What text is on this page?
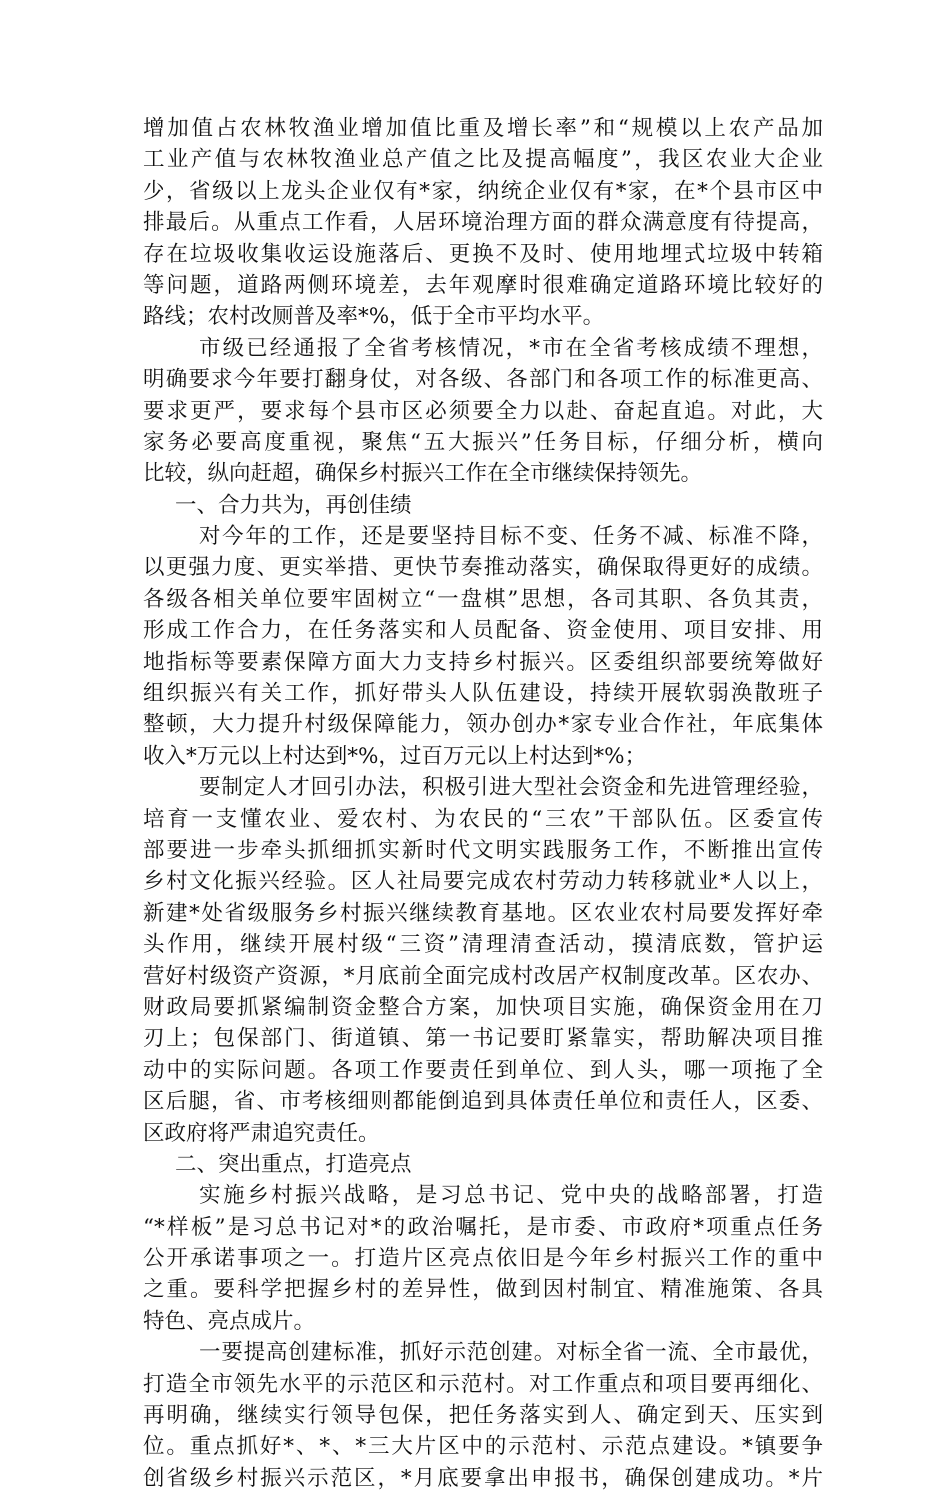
增加值占农林牧渔业增加值比重及增长率”和“规模以上农产品加
工业产值与农林牧渔业总产值之比及提高幅度”，我区农业大企业
少，省级以上龙头企业仅有*家，纳统企业仅有*家，在*个县市区中
排最后。从重点工作看，人居环境治理方面的群众满意度有待提高，
存在垃圾收集收运设施落后、更换不及时、使用地埋式垃圾中转箱
等问题，道路两侧环境差，去年观摩时很难确定道路环境比较好的
路线；农村改厕普及率*%，低于全市平均水平。
市级已经通报了全省考核情况，*市在全省考核成绩不理想，
明确要求今年要打翻身仗，对各级、各部门和各项工作的标准更高、
要求更严，要求每个县市区必须要全力以赴、奋起直追。对此，大
家务必要高度重视，聚焦“五大振兴”任务目标，仔细分析，横向
比较，纵向赶超，确保乡村振兴工作在全市继续保持领先。
一、合力共为，再创佳绩
对今年的工作，还是要坚持目标不变、任务不减、标准不降，
以更强力度、更实举措、更快节奏推动落实，确保取得更好的成绩。
各级各相关单位要牢固树立“一盘棋”思想，各司其职、各负其责，
形成工作合力，在任务落实和人员配备、资金使用、项目安排、用
地指标等要素保障方面大力支持乡村振兴。区委组织部要统筹做好
组织振兴有关工作，抓好带头人队伍建设，持续开展软弱涣散班子
整顿，大力提升村级保障能力，领办创办*家专业合作社，年底集体
收入*万元以上村达到*%，过百万元以上村达到*%；
要制定人才回引办法，积极引进大型社会资金和先进管理经验，
培育一支懂农业、爱农村、为农民的“三农”干部队伍。区委宣传
部要进一步牵头抓细抓实新时代文明实践服务工作，不断推出宣传
乡村文化振兴经验。区人社局要完成农村劳动力转移就业*人以上，
新建*处省级服务乡村振兴继续教育基地。区农业农村局要发挥好牵
头作用，继续开展村级“三资”清理清查活动，摸清底数，管护运
营好村级资产资源，*月底前全面完成村改居产权制度改革。区农办、
财政局要抓紧编制资金整合方案，加快项目实施，确保资金用在刀
刃上；包保部门、街道镇、第一书记要盯紧靠实，帮助解决项目推
动中的实际问题。各项工作要责任到单位、到人头，哪一项拖了全
区后腿，省、市考核细则都能倒追到具体责任单位和责任人，区委、
区政府将严肃追究责任。
二、突出重点，打造亮点
实施乡村振兴战略，是习总书记、党中央的战略部署，打造
“*样板”是习总书记对*的政治嘱托，是市委、市政府*项重点任务
公开承诺事项之一。打造片区亮点依旧是今年乡村振兴工作的重中
之重。要科学把握乡村的差异性，做到因村制宜、精准施策、各具
特色、亮点成片。
一要提高创建标准，抓好示范创建。对标全省一流、全市最优，
打造全市领先水平的示范区和示范村。对工作重点和项目要再细化、
再明确，继续实行领导包保，把任务落实到人、确定到天、压实到
位。重点抓好*、*、*三大片区中的示范村、示范点建设。*镇要争
创省级乡村振兴示范区，*月底要拿出申报书，确保创建成功。*片
